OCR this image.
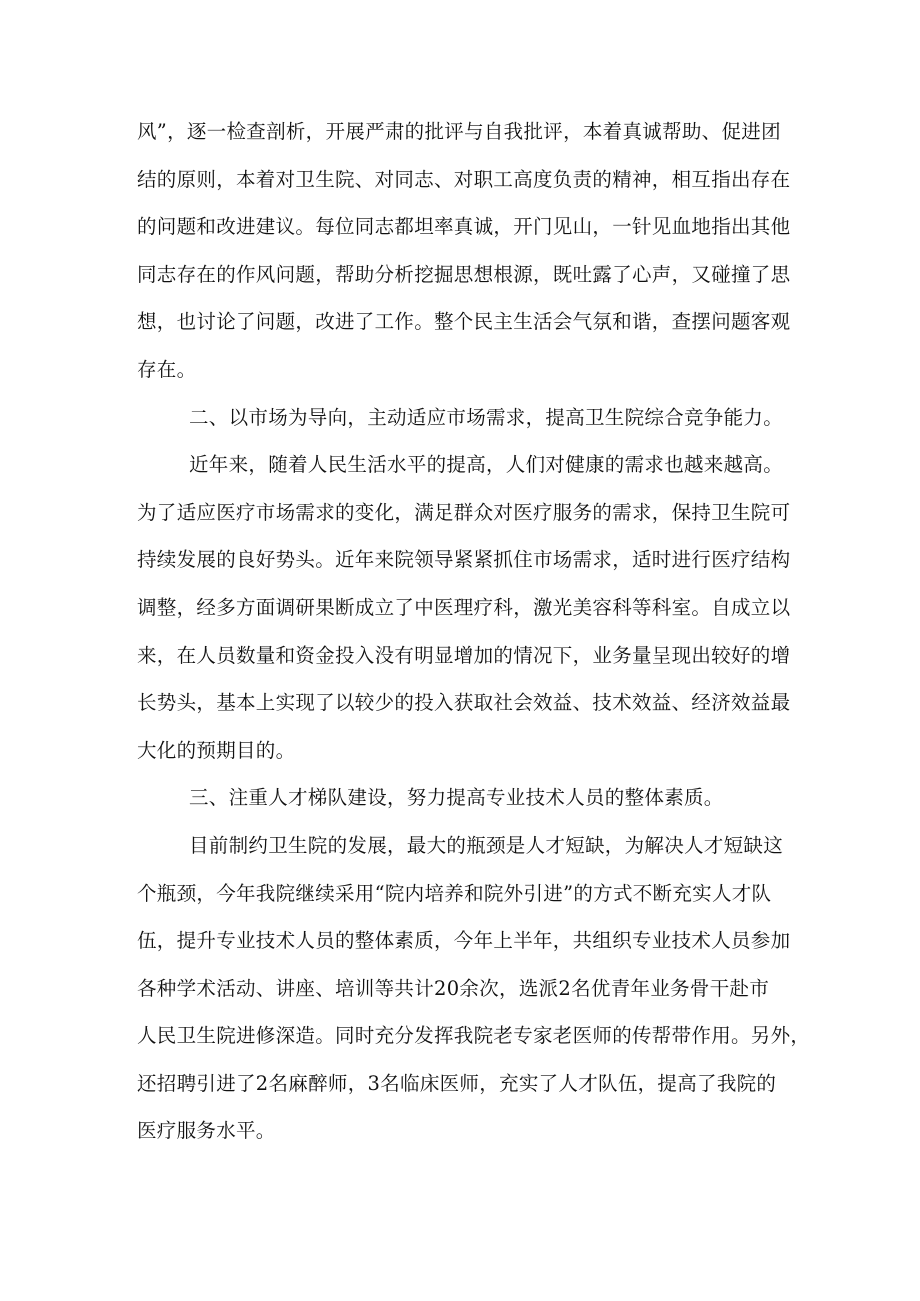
风”，逐一检查剖析，开展严肃的批评与自我批评，本着真诚帮助、促进团
结的原则，本着对卫生院、对同志、对职工高度负责的精神，相互指出存在
的问题和改进建议。每位同志都坦率真诚，开门见山，一针见血地指出其他
同志存在的作风问题，帮助分析挖掘思想根源，既吐露了心声，又碰撞了思
想，也讨论了问题，改进了工作。整个民主生活会气氛和谐，查摆问题客观
存在。

二、以市场为导向，主动适应市场需求，提高卫生院综合竞争能力。

近年来，随着人民生活水平的提高，人们对健康的需求也越来越高。
为了适应医疗市场需求的变化，满足群众对医疗服务的需求，保持卫生院可
持续发展的良好势头。近年来院领导紧紧抓住市场需求，适时进行医疗结构
调整，经多方面调研果断成立了中医理疗科，激光美容科等科室。自成立以
来，在人员数量和资金投入没有明显增加的情况下，业务量呈现出较好的增
长势头，基本上实现了以较少的投入获取社会效益、技术效益、经济效益最
大化的预期目的。

三、注重人才梯队建设，努力提高专业技术人员的整体素质。

目前制约卫生院的发展，最大的瓶颈是人才短缺，为解决人才短缺这
个瓶颈，今年我院继续采用“院内培养和院外引进”的方式不断充实人才队
伍，提升专业技术人员的整体素质，今年上半年，共组织专业技术人员参加
各种学术活动、讲座、培训等共计20余次，选派2名优青年业务骨干赴市
人民卫生院进修深造。同时充分发挥我院老专家老医师的传帮带作用。另外，
还招聘引进了2名麻醉师，3名临床医师，充实了人才队伍，提高了我院的
医疗服务水平。
